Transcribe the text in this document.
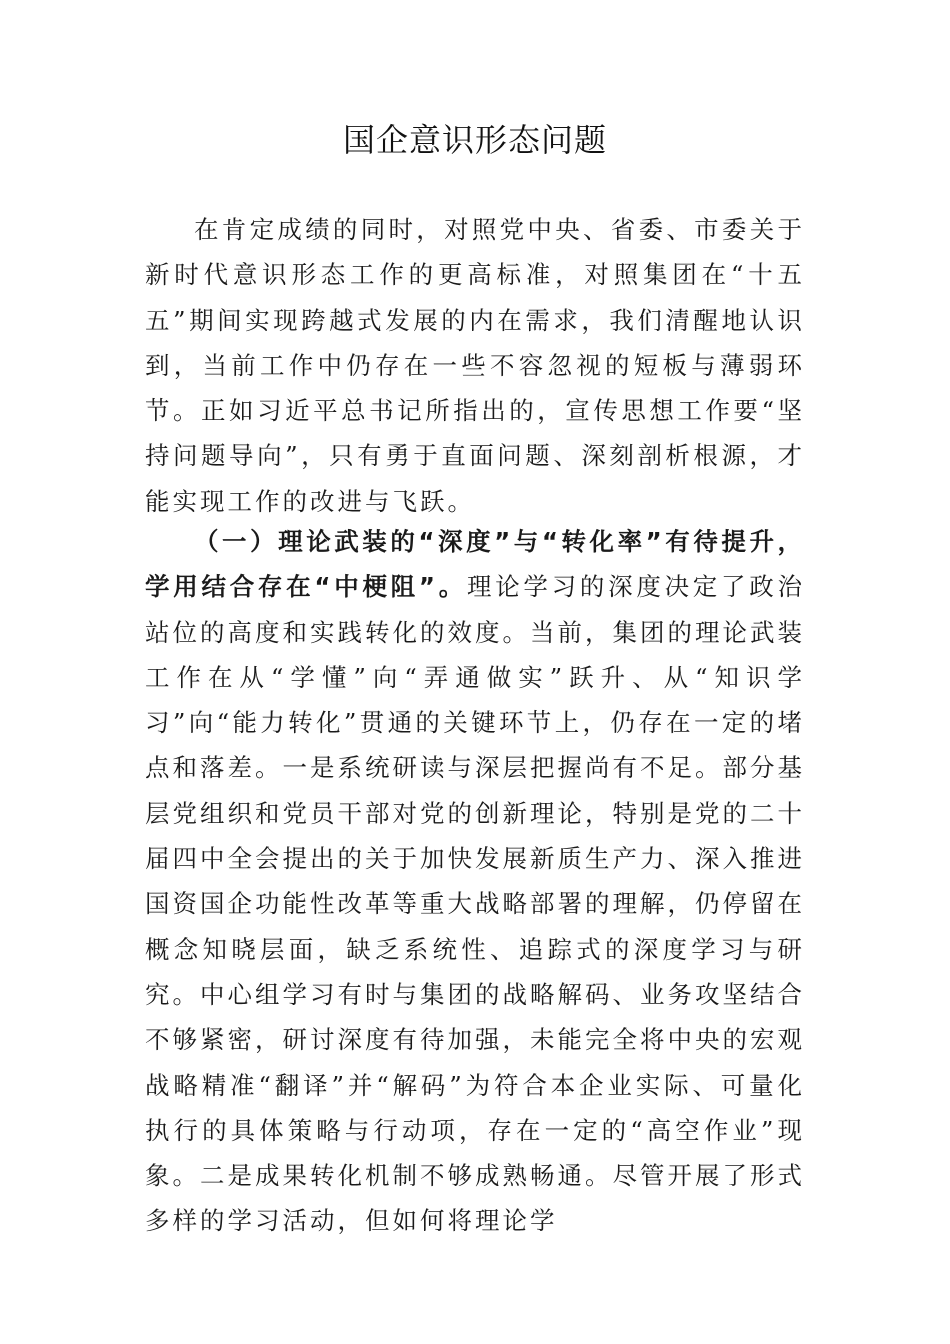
国企意识形态问题

在肯定成绩的同时，对照党中央、省委、市委关于新时代意识形态工作的更高标准，对照集团在“十五五”期间实现跨越式发展的内在需求，我们清醒地认识到，当前工作中仍存在一些不容忽视的短板与薄弱环节。正如习近平总书记所指出的，宣传思想工作要“坚持问题导向”，只有勇于直面问题、深刻剖析根源，才能实现工作的改进与飞跃。

（一）理论武装的“深度”与“转化率”有待提升，学用结合存在“中梗阻”。理论学习的深度决定了政治站位的高度和实践转化的效度。当前，集团的理论武装工作在从“学懂”向“弄通做实”跃升、从“知识学习”向“能力转化”贯通的关键环节上，仍存在一定的堵点和落差。一是系统研读与深层把握尚有不足。部分基层党组织和党员干部对党的创新理论，特别是党的二十届四中全会提出的关于加快发展新质生产力、深入推进国资国企功能性改革等重大战略部署的理解，仍停留在概念知晓层面，缺乏系统性、追踪式的深度学习与研究。中心组学习有时与集团的战略解码、业务攻坚结合不够紧密，研讨深度有待加强，未能完全将中央的宏观战略精准“翻译”并“解码”为符合本企业实际、可量化执行的具体策略与行动项，存在一定的“高空作业”现象。二是成果转化机制不够成熟畅通。尽管开展了形式多样的学习活动，但如何将理论学
